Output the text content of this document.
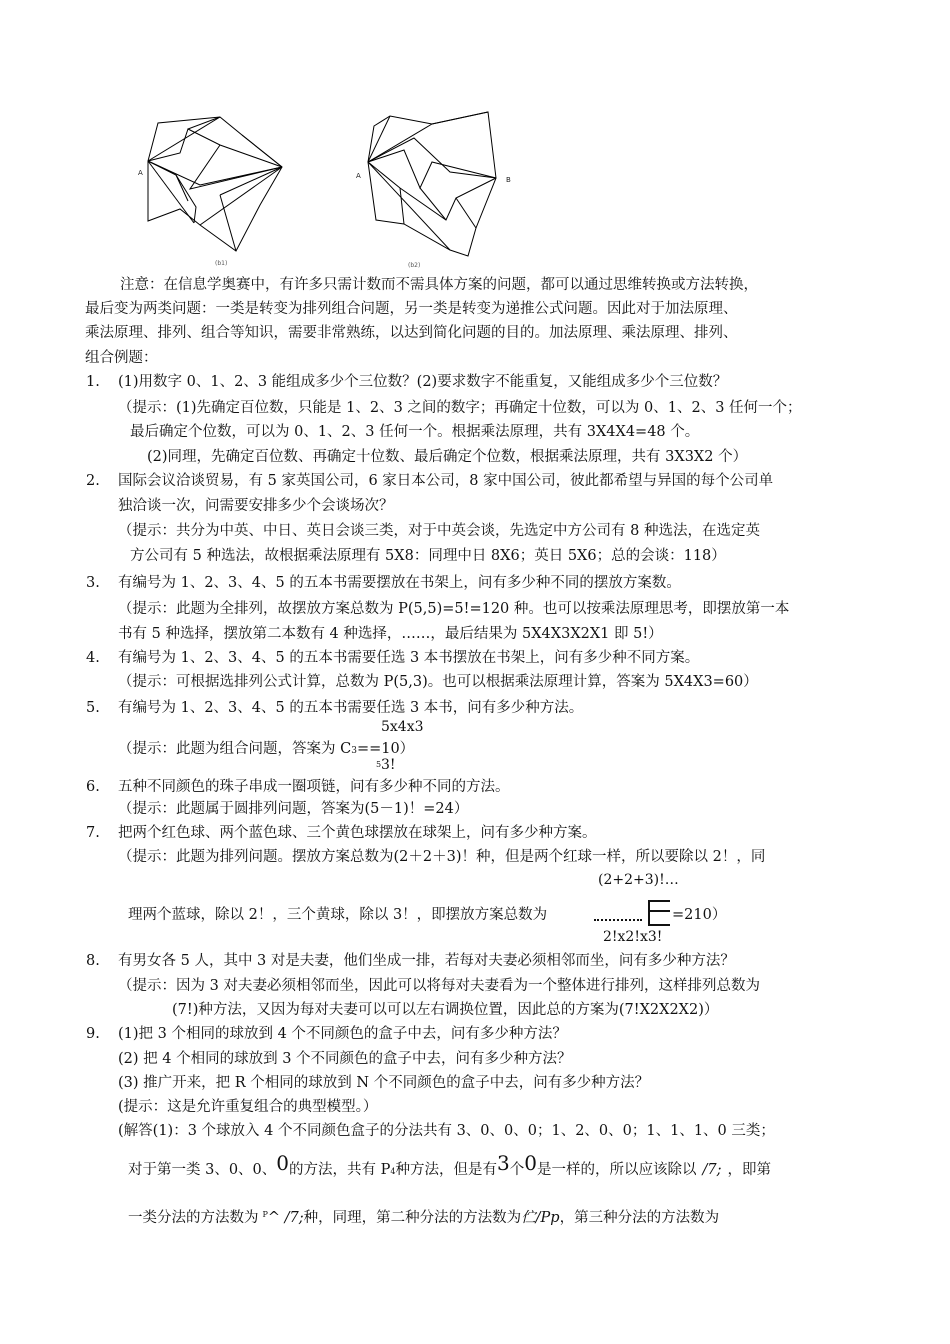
A
(b1)
A	B
(b2)
注意：在信息学奥赛中，有许多只需计数而不需具体方案的问题，都可以通过思维转换或方法转换，
最后变为两类问题：一类是转变为排列组合问题，另一类是转变为递推公式问题。因此对于加法原理、
乘法原理、排列、组合等知识，需要非常熟练，以达到简化问题的目的。加法原理、乘法原理、排列、
组合例题：
1. (1)用数字 0、1、2、3 能组成多少个三位数？(2)要求数字不能重复，又能组成多少个三位数？
（提示：(1)先确定百位数，只能是 1、2、3 之间的数字；再确定十位数，可以为 0、1、2、3 任何一个；
最后确定个位数，可以为 0、1、2、3 任何一个。根据乘法原理，共有 3X4X4=48 个。
(2)同理，先确定百位数、再确定十位数、最后确定个位数，根据乘法原理，共有 3X3X2 个）
2. 国际会议洽谈贸易，有 5 家英国公司，6 家日本公司，8 家中国公司，彼此都希望与异国的每个公司单
独洽谈一次，问需要安排多少个会谈场次？
（提示：共分为中英、中日、英日会谈三类，对于中英会谈，先选定中方公司有 8 种选法，在选定英
方公司有 5 种选法，故根据乘法原理有 5X8：同理中日 8X6；英日 5X6；总的会谈：118）
3. 有编号为 1、2、3、4、5 的五本书需要摆放在书架上，问有多少种不同的摆放方案数。
（提示：此题为全排列，故摆放方案总数为 P(5,5)=5!=120 种。也可以按乘法原理思考，即摆放第一本
书有 5 种选择，摆放第二本数有 4 种选择，……，最后结果为 5X4X3X2X1 即 5!）
4. 有编号为 1、2、3、4、5 的五本书需要任选 3 本书摆放在书架上，问有多少种不同方案。
（提示：可根据选排列公式计算，总数为 P(5,3)。也可以根据乘法原理计算，答案为 5X4X3=60）
5. 有编号为 1、2、3、4、5 的五本书需要任选 3 本书，问有多少种方法。
5x4x3
（提示：此题为组合问题，答案为 C3==10）
5 3!
6. 五种不同颜色的珠子串成一圈项链，问有多少种不同的方法。
（提示：此题属于圆排列问题，答案为(5－1)！=24）
7. 把两个红色球、两个蓝色球、三个黄色球摆放在球架上，问有多少种方案。
（提示：此题为排列问题。摆放方案总数为(2＋2＋3)！种，但是两个红球一样，所以要除以 2！，同
(2+2+3)!…
理两个蓝球，除以 2！，三个黄球，除以 3！，即摆放方案总数为	=210）
2!x2!x3!
8. 有男女各 5 人，其中 3 对是夫妻，他们坐成一排，若每对夫妻必须相邻而坐，问有多少种方法？
（提示：因为 3 对夫妻必须相邻而坐，因此可以将每对夫妻看为一个整体进行排列，这样排列总数为
(7!)种方法，又因为每对夫妻可以可以左右调换位置，因此总的方案为(7!X2X2X2)）
9. (1)把 3 个相同的球放到 4 个不同颜色的盒子中去，问有多少种方法？
(2) 把 4 个相同的球放到 3 个不同颜色的盒子中去，问有多少种方法？
(3) 推广开来，把 R 个相同的球放到 N 个不同颜色的盒子中去，问有多少种方法？
(提示：这是允许重复组合的典型模型。）
(解答(1)：3 个球放入 4 个不同颜色盒子的分法共有 3、0、0、0；1、2、0、0；1、1、1、0 三类；
对于第一类 3、0、0、0的方法，共有 P4种方法，但是有3个0是一样的，所以应该除以 /7; ，即第
一类分法的方法数为 $^P$^ /7;种，同理，第二种分法的方法数为伫/Pp，第三种分法的方法数为
